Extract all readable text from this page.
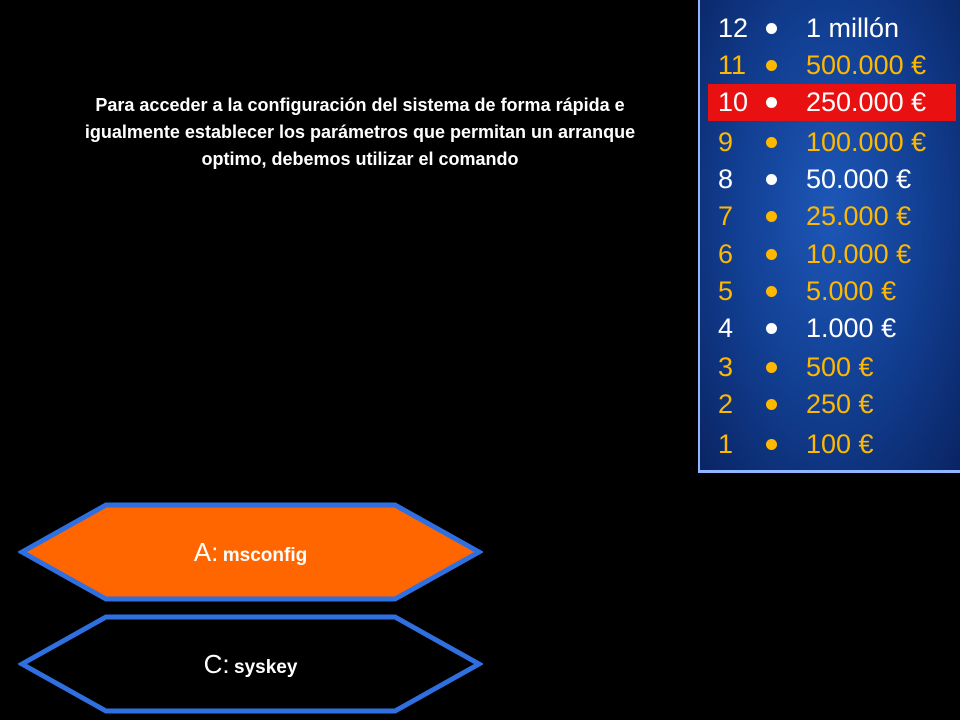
Para acceder a la configuración del sistema de forma rápida e igualmente establecer los parámetros que permitan un arranque optimo, debemos utilizar el comando

12	1 millón
11	500.000 €
10	250.000 €
9	100.000 €
8	50.000 €
7	25.000 €
6	10.000 €
5	5.000 €
4	1.000 €
3	500 €
2	250 €
1	100 €
A: msconfig
C: syskey
